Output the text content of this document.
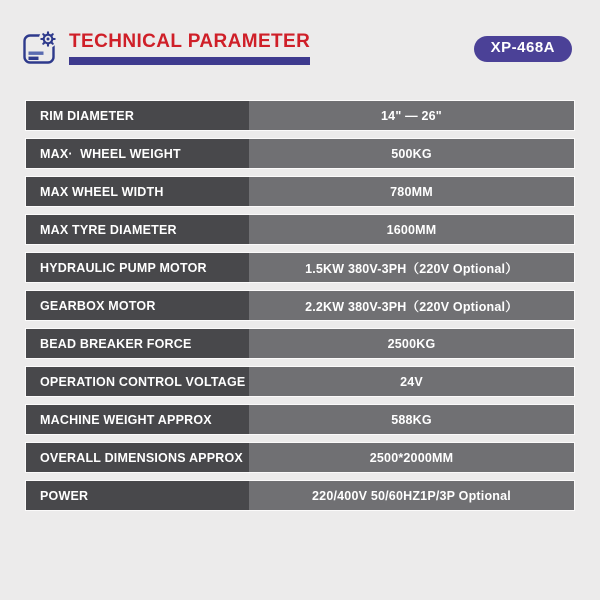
TECHNICAL PARAMETER	XP-468A
RIM DIAMETER	14" — 26"
MAX·  WHEEL WEIGHT	500KG
MAX WHEEL WIDTH	780MM
MAX TYRE DIAMETER	1600MM
HYDRAULIC PUMP MOTOR	1.5KW 380V-3PH（220V Optional）
GEARBOX MOTOR	2.2KW 380V-3PH（220V Optional）
BEAD BREAKER FORCE	2500KG
OPERATION CONTROL VOLTAGE	24V
MACHINE WEIGHT APPROX	588KG
OVERALL DIMENSIONS APPROX	2500*2000MM
POWER	220/400V 50/60HZ1P/3P Optional
